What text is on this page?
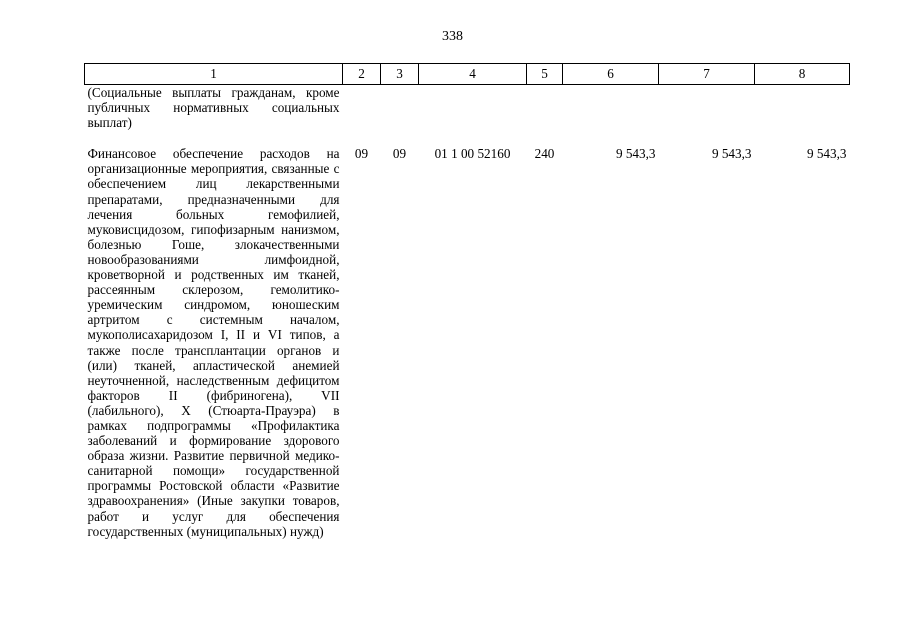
338
1	2	3	4	5	6	7	8
(Социальные выплаты гражданам, кроме публичных нормативных социальных выплат)							

Финансовое обеспечение расходов на организационные мероприятия, связанные с обеспечением лиц лекарственными препаратами, предназначенными для лечения больных гемофилией, муковисцидозом, гипофизарным нанизмом, болезнью Гоше, злокачественными новообразованиями лимфоидной, кроветворной и родственных им тканей, рассеянным склерозом, гемолитико-уремическим синдромом, юношеским артритом с системным началом, мукополисахаридозом I, II и VI типов, а также после трансплантации органов и (или) тканей, апластической анемией неуточненной, наследственным дефицитом факторов II (фибриногена), VII (лабильного), X (Стюарта-Прауэра) в рамках подпрограммы «Профилактика заболеваний и формирование здорового образа жизни. Развитие первичной медико-санитарной помощи» государственной программы Ростовской области «Развитие здравоохранения» (Иные закупки товаров, работ и услуг для обеспечения государственных (муниципальных) нужд)	09	09	01 1 00 52160	240	9 543,3	9 543,3	9 543,3
